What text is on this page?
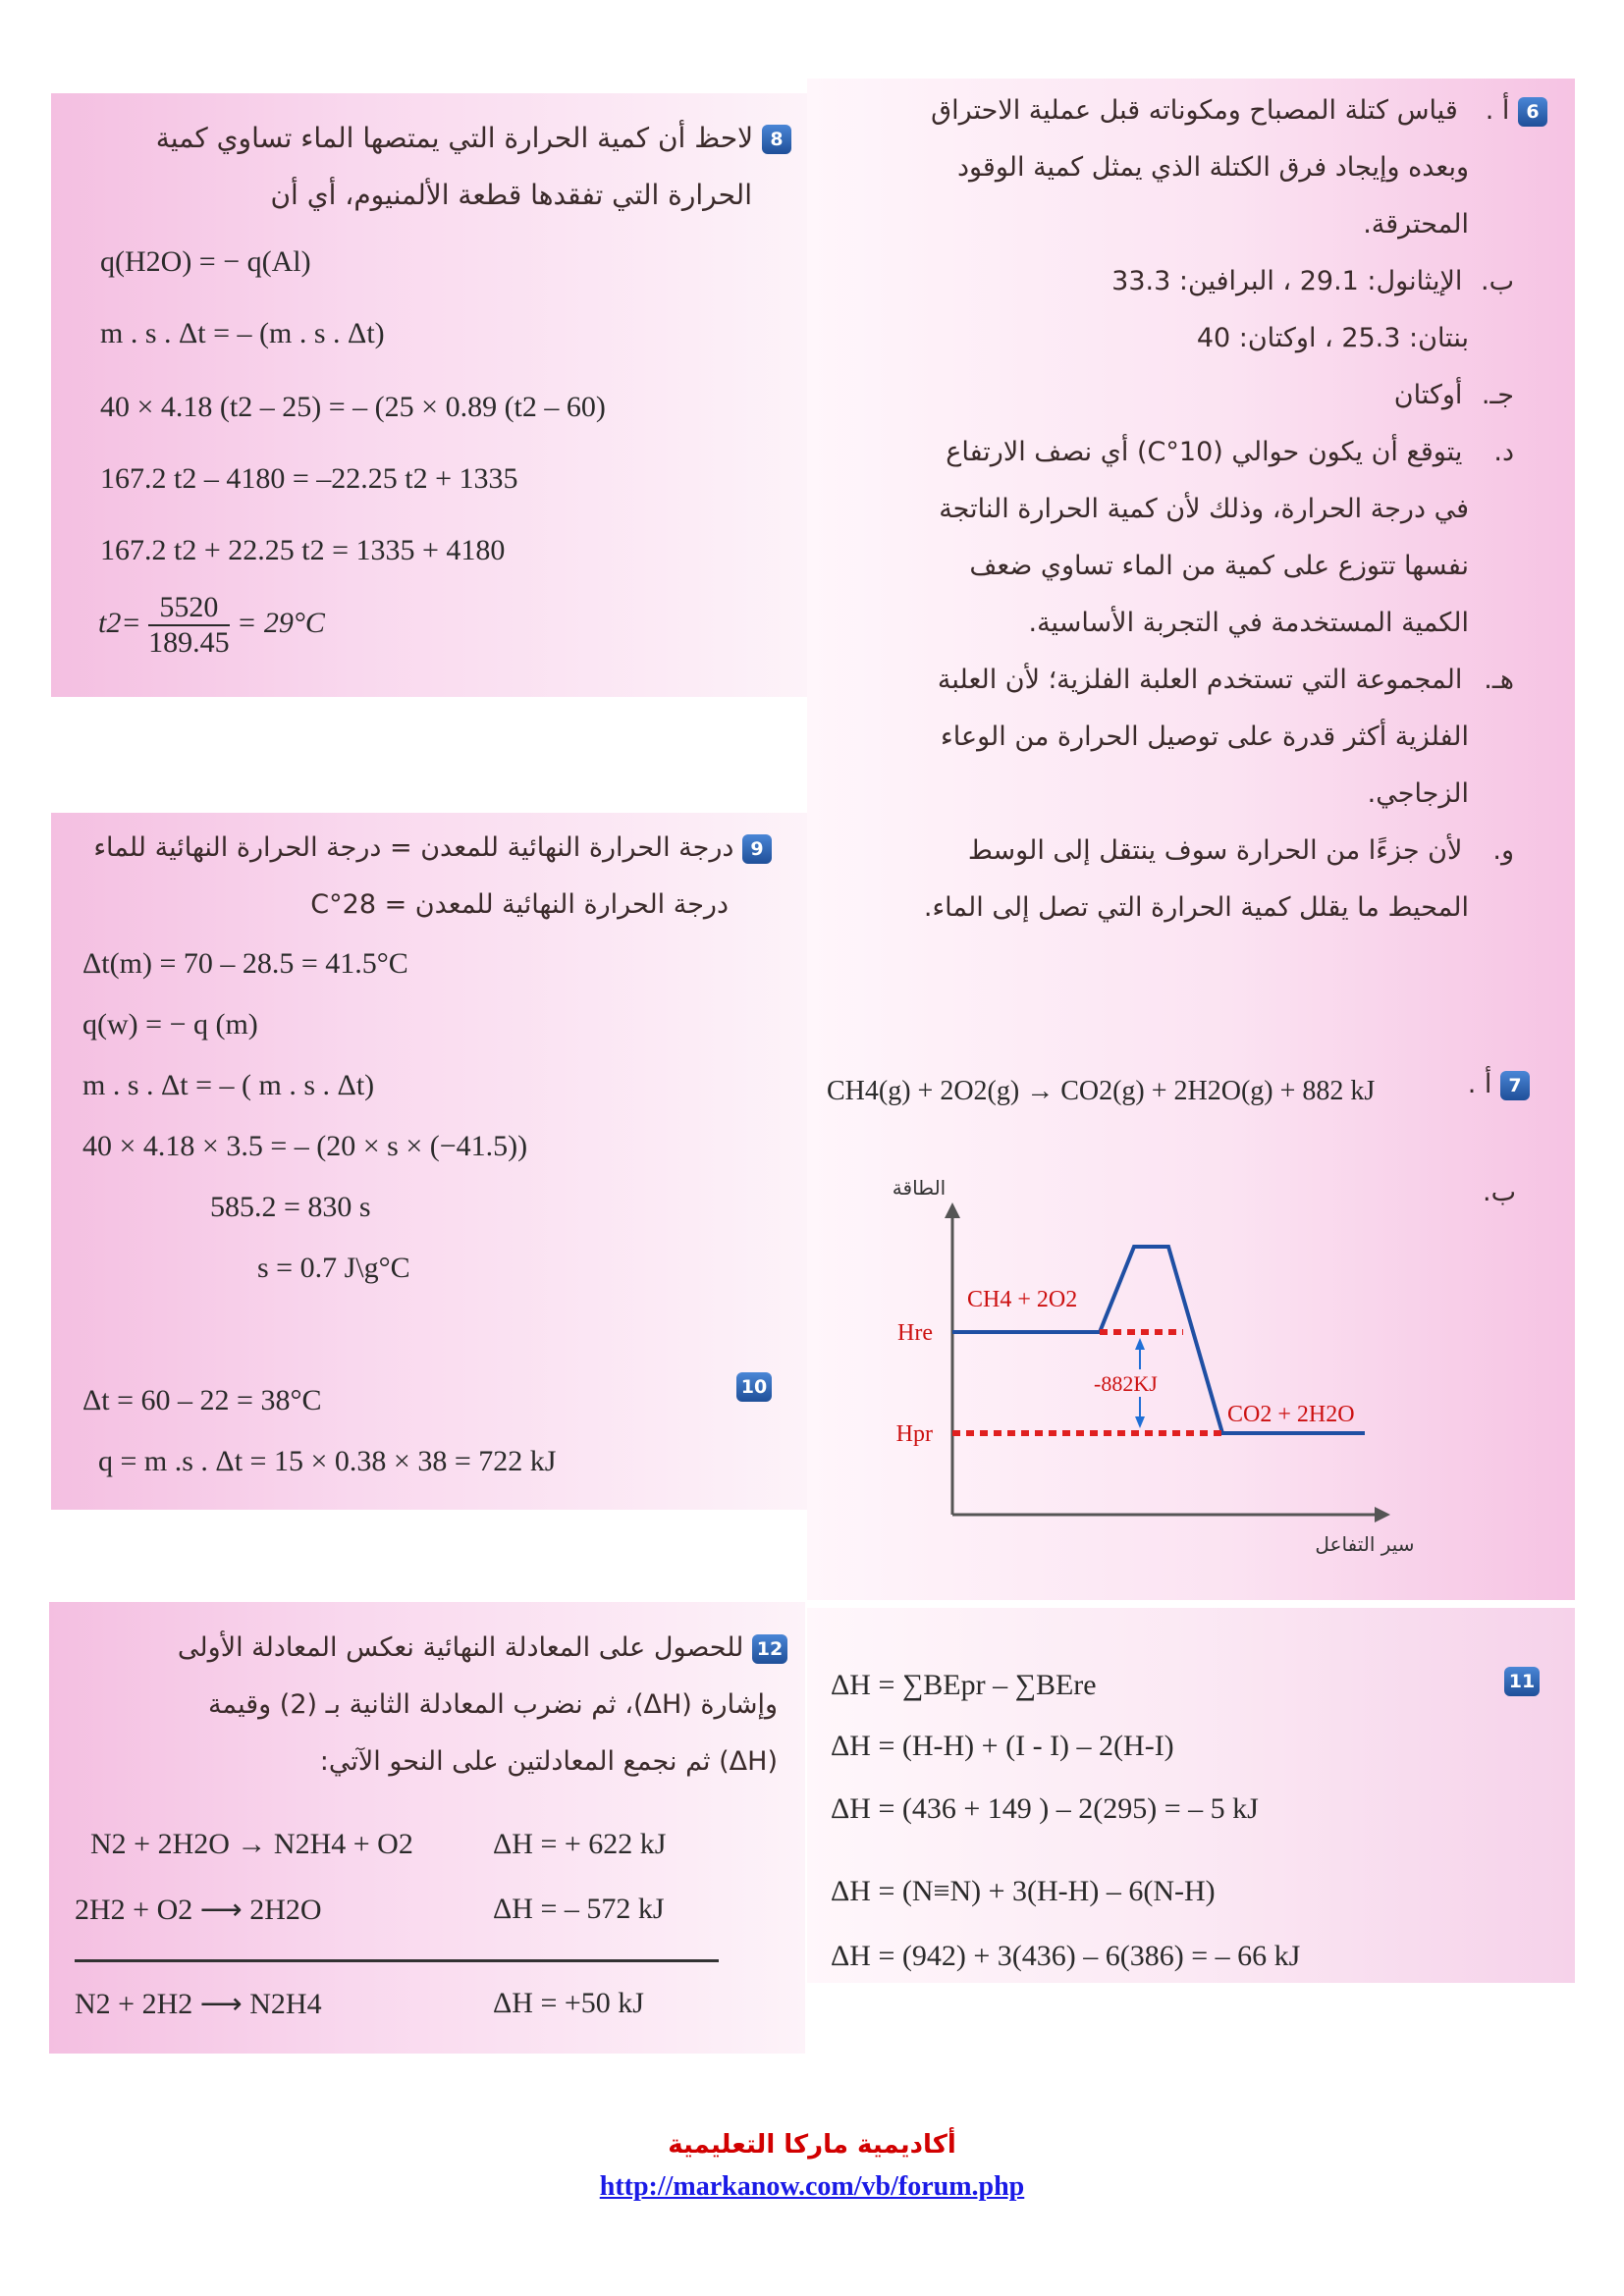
6 أ . قياس كتلة المصباح ومكوناته قبل عملية الاحتراق
وبعده وإيجاد فرق الكتلة الذي يمثل كمية الوقود
المحترقة.
ب. الإيثانول: 29.1 ، البرافين: 33.3
بنتان: 25.3 ، اوكتان: 40
جـ. أوكتان
د. يتوقع أن يكون حوالي (10°C) أي نصف الارتفاع
في درجة الحرارة، وذلك لأن كمية الحرارة الناتجة
نفسها تتوزع على كمية من الماء تساوي ضعف
الكمية المستخدمة في التجربة الأساسية.
هـ. المجموعة التي تستخدم العلبة الفلزية؛ لأن العلبة
الفلزية أكثر قدرة على توصيل الحرارة من الوعاء
الزجاجي.
و. لأن جزءًا من الحرارة سوف ينتقل إلى الوسط
المحيط ما يقلل كمية الحرارة التي تصل إلى الماء.
7 أ .
CH4(g) + 2O2(g) → CO2(g) + 2H2O(g) + 882 kJ
ب.
الطاقة
سير التفاعل
Hre
Hpr
CH4 + 2O2
CO2 + 2H2O
-882KJ
8 لاحظ أن كمية الحرارة التي يمتصها الماء تساوي كمية
الحرارة التي تفقدها قطعة الألمنيوم، أي أن
q(H2O) = − q(Al)
m . s . Δt = – (m . s . Δt)
40 × 4.18 (t2 – 25) = – (25 × 0.89 (t2 – 60)
167.2 t2 – 4180 = –22.25 t2 + 1335
167.2 t2 + 22.25 t2 = 1335 + 4180
$t2= \frac{5520}{189.45} = 29^\circ C$
9 درجة الحرارة النهائية للمعدن = درجة الحرارة النهائية للماء
درجة الحرارة النهائية للمعدن = 28°C
Δt(m) = 70 – 28.5 = 41.5°C
q(w) = − q (m)
m . s . Δt = – ( m . s . Δt)
40 × 4.18 × 3.5 = – (20 × s × (−41.5))
585.2 = 830 s
s = 0.7 J\g°C
10
Δt = 60 – 22 = 38°C
q = m .s . Δt = 15 × 0.38 × 38 = 722 kJ
11
ΔH = ∑BEpr – ∑BEre
ΔH = (H-H) + (I - I) – 2(H-I)
ΔH = (436 + 149 ) – 2(295) = – 5 kJ
ΔH = (N≡N) + 3(H-H) – 6(N-H)
ΔH = (942) + 3(436) – 6(386) = – 66 kJ
12 للحصول على المعادلة النهائية نعكس المعادلة الأولى
وإشارة (ΔH)، ثم نضرب المعادلة الثانية بـ (2) وقيمة
(ΔH) ثم نجمع المعادلتين على النحو الآتي:
N2 + 2H2O → N2H4 + O2	ΔH = + 622 kJ
2H2 + O2 ⟶ 2H2O	ΔH = – 572 kJ
N2 + 2H2 ⟶ N2H4	ΔH = +50 kJ
أكاديمية ماركا التعليمية
http://markanow.com/vb/forum.php
